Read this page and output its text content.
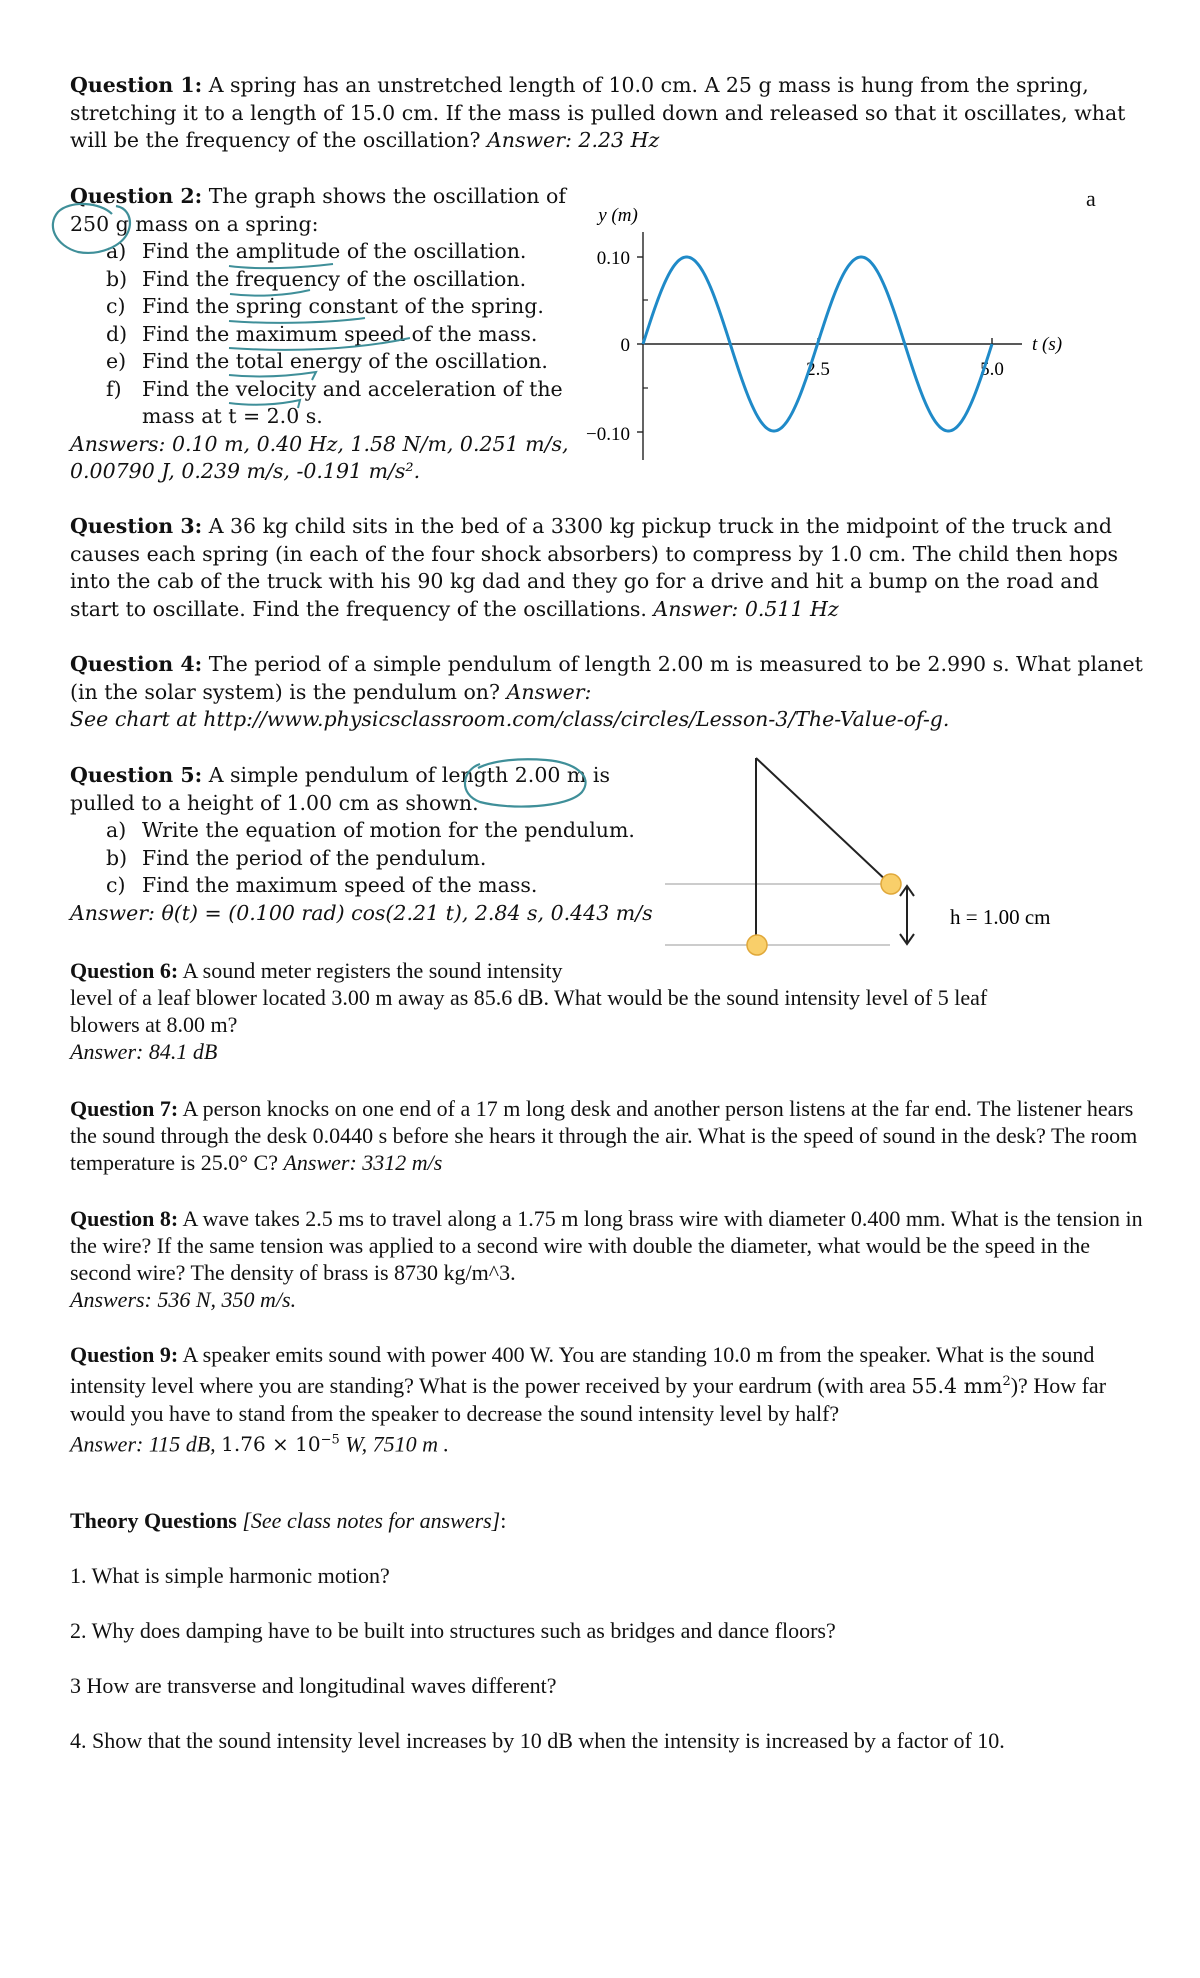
a
Question 1: A spring has an unstretched length of 10.0 cm. A 25 g mass is hung from the spring, stretching it to a length of 15.0 cm. If the mass is pulled down and released so that it oscillates, what will be the frequency of the oscillation? Answer: 2.23 Hz
Question 2: The graph shows the oscillation of
250 g mass on a spring:
a) Find the amplitude of the oscillation.
b) Find the frequency of the oscillation.
c) Find the spring constant of the spring.
d) Find the maximum speed of the mass.
e) Find the total energy of the oscillation.
f) Find the velocity and acceleration of the mass at t = 2.0 s.
Answers: 0.10 m, 0.40 Hz, 1.58 N/m, 0.251 m/s,
0.00790 J, 0.239 m/s, -0.191 m/s².
y (m)
0.10
0
−0.10
2.5	5.0
t (s)
Question 3: A 36 kg child sits in the bed of a 3300 kg pickup truck in the midpoint of the truck and causes each spring (in each of the four shock absorbers) to compress by 1.0 cm. The child then hops into the cab of the truck with his 90 kg dad and they go for a drive and hit a bump on the road and start to oscillate. Find the frequency of the oscillations. Answer: 0.511 Hz
Question 4: The period of a simple pendulum of length 2.00 m is measured to be 2.990 s. What planet (in the solar system) is the pendulum on? Answer:
See chart at http://www.physicsclassroom.com/class/circles/Lesson-3/The-Value-of-g.
Question 5: A simple pendulum of length 2.00 m is
pulled to a height of 1.00 cm as shown.
a) Write the equation of motion for the pendulum.
b) Find the period of the pendulum.
c) Find the maximum speed of the mass.
Answer: θ(t) = (0.100 rad) cos(2.21 t), 2.84 s, 0.443 m/s	h = 1.00 cm
Question 6: A sound meter registers the sound intensity
level of a leaf blower located 3.00 m away as 85.6 dB. What would be the sound intensity level of 5 leaf
blowers at 8.00 m?
Answer: 84.1 dB
Question 7: A person knocks on one end of a 17 m long desk and another person listens at the far end. The listener hears the sound through the desk 0.0440 s before she hears it through the air. What is the speed of sound in the desk? The room temperature is 25.0° C? Answer: 3312 m/s
Question 8: A wave takes 2.5 ms to travel along a 1.75 m long brass wire with diameter 0.400 mm. What is the tension in the wire? If the same tension was applied to a second wire with double the diameter, what would be the speed in the second wire? The density of brass is 8730 kg/m^3.
Answers: 536 N, 350 m/s.
Question 9: A speaker emits sound with power 400 W. You are standing 10.0 m from the speaker. What is the sound intensity level where you are standing? What is the power received by your eardrum (with area 55.4 $mm^2$)? How far would you have to stand from the speaker to decrease the sound intensity level by half?
Answer: 115 dB, $1.76 \times 10^{-5}$ W, 7510 m .
Theory Questions [See class notes for answers]:
1. What is simple harmonic motion?
2. Why does damping have to be built into structures such as bridges and dance floors?
3 How are transverse and longitudinal waves different?
4. Show that the sound intensity level increases by 10 dB when the intensity is increased by a factor of 10.
